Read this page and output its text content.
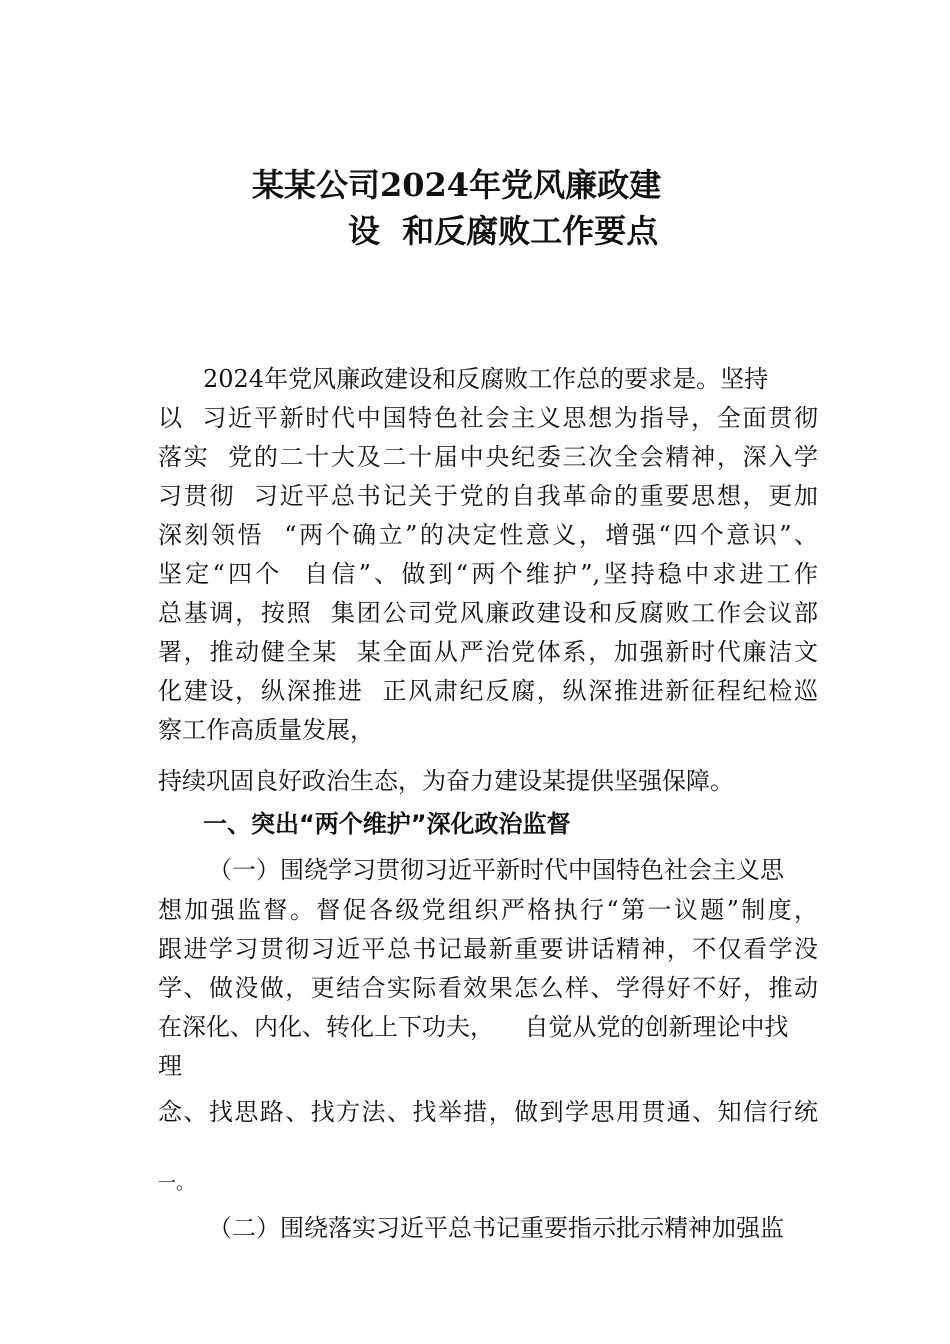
某某公司2024年党风廉政建
设  和反腐败工作要点
2024年党风廉政建设和反腐败工作总的要求是。坚持
以  习近平新时代中国特色社会主义思想为指导，全面贯彻
落实  党的二十大及二十届中央纪委三次全会精神，深入学
习贯彻  习近平总书记关于党的自我革命的重要思想，更加
深刻领悟  “两个确立”的决定性意义，增强“四个意识”、
坚定“四个  自信”、做到“两个维护”,坚持稳中求进工作
总基调，按照  集团公司党风廉政建设和反腐败工作会议部
署，推动健全某  某全面从严治党体系，加强新时代廉洁文
化建设，纵深推进  正风肃纪反腐，纵深推进新征程纪检巡
察工作高质量发展，
持续巩固良好政治生态，为奋力建设某提供坚强保障。
一、突出“两个维护”深化政治监督
（一）围绕学习贯彻习近平新时代中国特色社会主义思
想加强监督。督促各级党组织严格执行“第一议题”制度，
跟进学习贯彻习近平总书记最新重要讲话精神，不仅看学没
学、做没做，更结合实际看效果怎么样、学得好不好，推动
在深化、内化、转化上下功夫，    自觉从党的创新理论中找
理
念、找思路、找方法、找举措，做到学思用贯通、知信行统
一。
（二）围绕落实习近平总书记重要指示批示精神加强监
